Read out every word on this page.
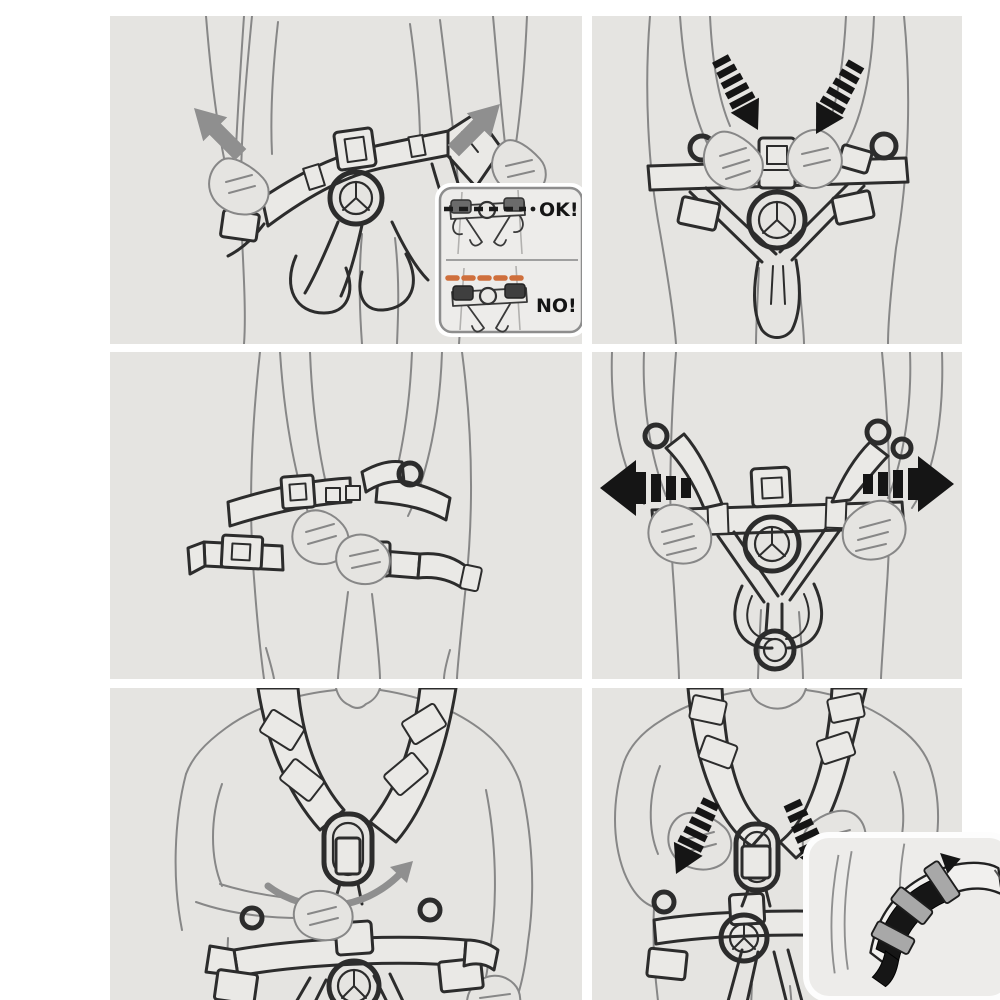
OK!
NO!
